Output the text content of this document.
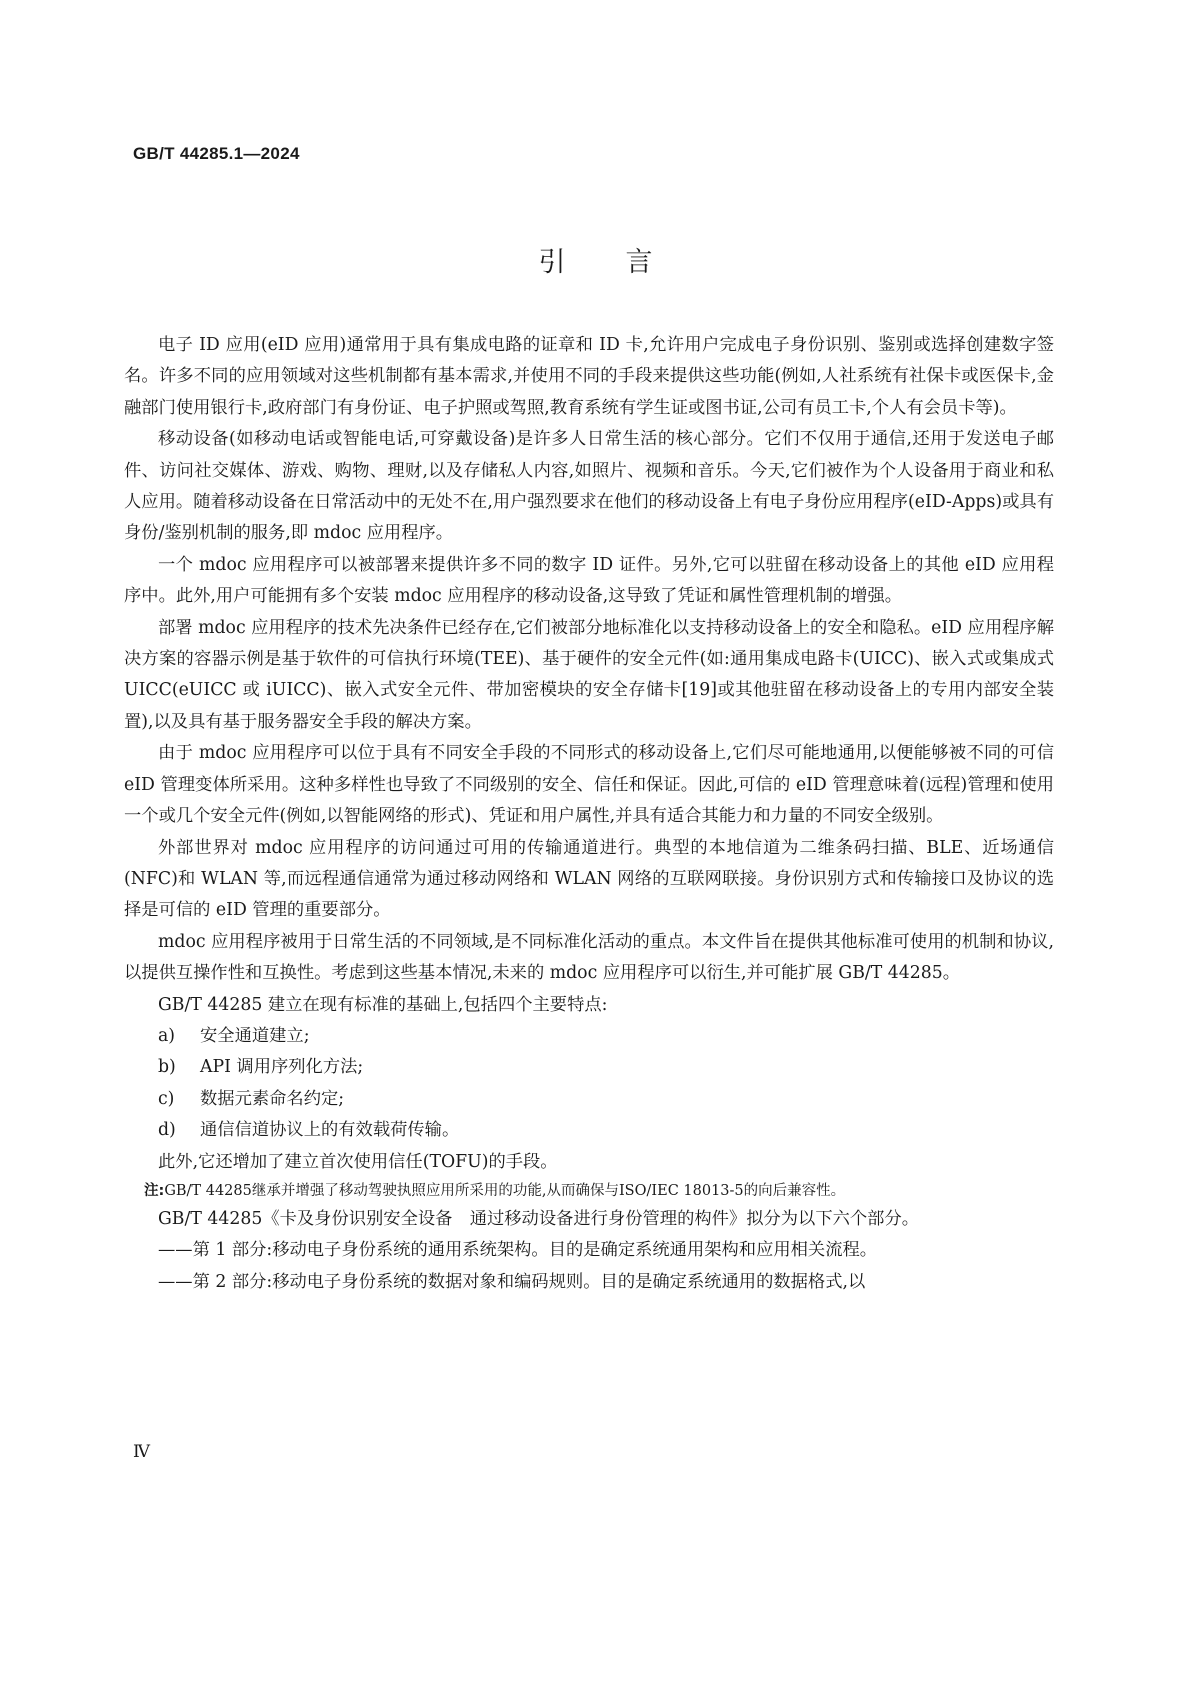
GB/T 44285.1—2024
引言

电子 ID 应用(eID 应用)通常用于具有集成电路的证章和 ID 卡,允许用户完成电子身份识别、鉴别或选择创建数字签名。许多不同的应用领域对这些机制都有基本需求,并使用不同的手段来提供这些功能(例如,人社系统有社保卡或医保卡,金融部门使用银行卡,政府部门有身份证、电子护照或驾照,教育系统有学生证或图书证,公司有员工卡,个人有会员卡等)。

移动设备(如移动电话或智能电话,可穿戴设备)是许多人日常生活的核心部分。它们不仅用于通信,还用于发送电子邮件、访问社交媒体、游戏、购物、理财,以及存储私人内容,如照片、视频和音乐。今天,它们被作为个人设备用于商业和私人应用。随着移动设备在日常活动中的无处不在,用户强烈要求在他们的移动设备上有电子身份应用程序(eID-Apps)或具有身份/鉴别机制的服务,即 mdoc 应用程序。

一个 mdoc 应用程序可以被部署来提供许多不同的数字 ID 证件。另外,它可以驻留在移动设备上的其他 eID 应用程序中。此外,用户可能拥有多个安装 mdoc 应用程序的移动设备,这导致了凭证和属性管理机制的增强。

部署 mdoc 应用程序的技术先决条件已经存在,它们被部分地标准化以支持移动设备上的安全和隐私。eID 应用程序解决方案的容器示例是基于软件的可信执行环境(TEE)、基于硬件的安全元件(如:通用集成电路卡(UICC)、嵌入式或集成式 UICC(eUICC 或 iUICC)、嵌入式安全元件、带加密模块的安全存储卡[19]或其他驻留在移动设备上的专用内部安全装置),以及具有基于服务器安全手段的解决方案。

由于 mdoc 应用程序可以位于具有不同安全手段的不同形式的移动设备上,它们尽可能地通用,以便能够被不同的可信 eID 管理变体所采用。这种多样性也导致了不同级别的安全、信任和保证。因此,可信的 eID 管理意味着(远程)管理和使用一个或几个安全元件(例如,以智能网络的形式)、凭证和用户属性,并具有适合其能力和力量的不同安全级别。

外部世界对 mdoc 应用程序的访问通过可用的传输通道进行。典型的本地信道为二维条码扫描、BLE、近场通信(NFC)和 WLAN 等,而远程通信通常为通过移动网络和 WLAN 网络的互联网联接。身份识别方式和传输接口及协议的选择是可信的 eID 管理的重要部分。

mdoc 应用程序被用于日常生活的不同领域,是不同标准化活动的重点。本文件旨在提供其他标准可使用的机制和协议,以提供互操作性和互换性。考虑到这些基本情况,未来的 mdoc 应用程序可以衍生,并可能扩展 GB/T 44285。

GB/T 44285 建立在现有标准的基础上,包括四个主要特点:

a) 安全通道建立;

b) API 调用序列化方法;

c) 数据元素命名约定;

d) 通信信道协议上的有效载荷传输。

此外,它还增加了建立首次使用信任(TOFU)的手段。

注:GB/T 44285继承并增强了移动驾驶执照应用所采用的功能,从而确保与ISO/IEC 18013-5的向后兼容性。

GB/T 44285《卡及身份识别安全设备　通过移动设备进行身份管理的构件》拟分为以下六个部分。

——第 1 部分:移动电子身份系统的通用系统架构。目的是确定系统通用架构和应用相关流程。

——第 2 部分:移动电子身份系统的数据对象和编码规则。目的是确定系统通用的数据格式,以

Ⅳ
